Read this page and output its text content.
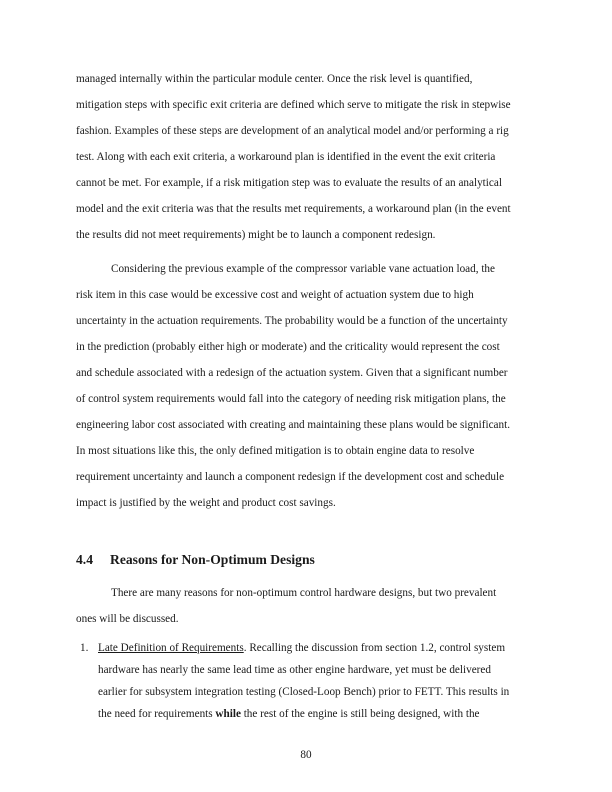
managed internally within the particular module center. Once the risk level is quantified,
mitigation steps with specific exit criteria are defined which serve to mitigate the risk in stepwise
fashion. Examples of these steps are development of an analytical model and/or performing a rig
test. Along with each exit criteria, a workaround plan is identified in the event the exit criteria
cannot be met. For example, if a risk mitigation step was to evaluate the results of an analytical
model and the exit criteria was that the results met requirements, a workaround plan (in the event
the results did not meet requirements) might be to launch a component redesign.
Considering the previous example of the compressor variable vane actuation load, the
risk item in this case would be excessive cost and weight of actuation system due to high
uncertainty in the actuation requirements. The probability would be a function of the uncertainty
in the prediction (probably either high or moderate) and the criticality would represent the cost
and schedule associated with a redesign of the actuation system. Given that a significant number
of control system requirements would fall into the category of needing risk mitigation plans, the
engineering labor cost associated with creating and maintaining these plans would be significant.
In most situations like this, the only defined mitigation is to obtain engine data to resolve
requirement uncertainty and launch a component redesign if the development cost and schedule
impact is justified by the weight and product cost savings.
4.4 Reasons for Non-Optimum Designs
There are many reasons for non-optimum control hardware designs, but two prevalent
ones will be discussed.
1. Late Definition of Requirements. Recalling the discussion from section 1.2, control system
hardware has nearly the same lead time as other engine hardware, yet must be delivered
earlier for subsystem integration testing (Closed-Loop Bench) prior to FETT. This results in
the need for requirements while the rest of the engine is still being designed, with the
80
